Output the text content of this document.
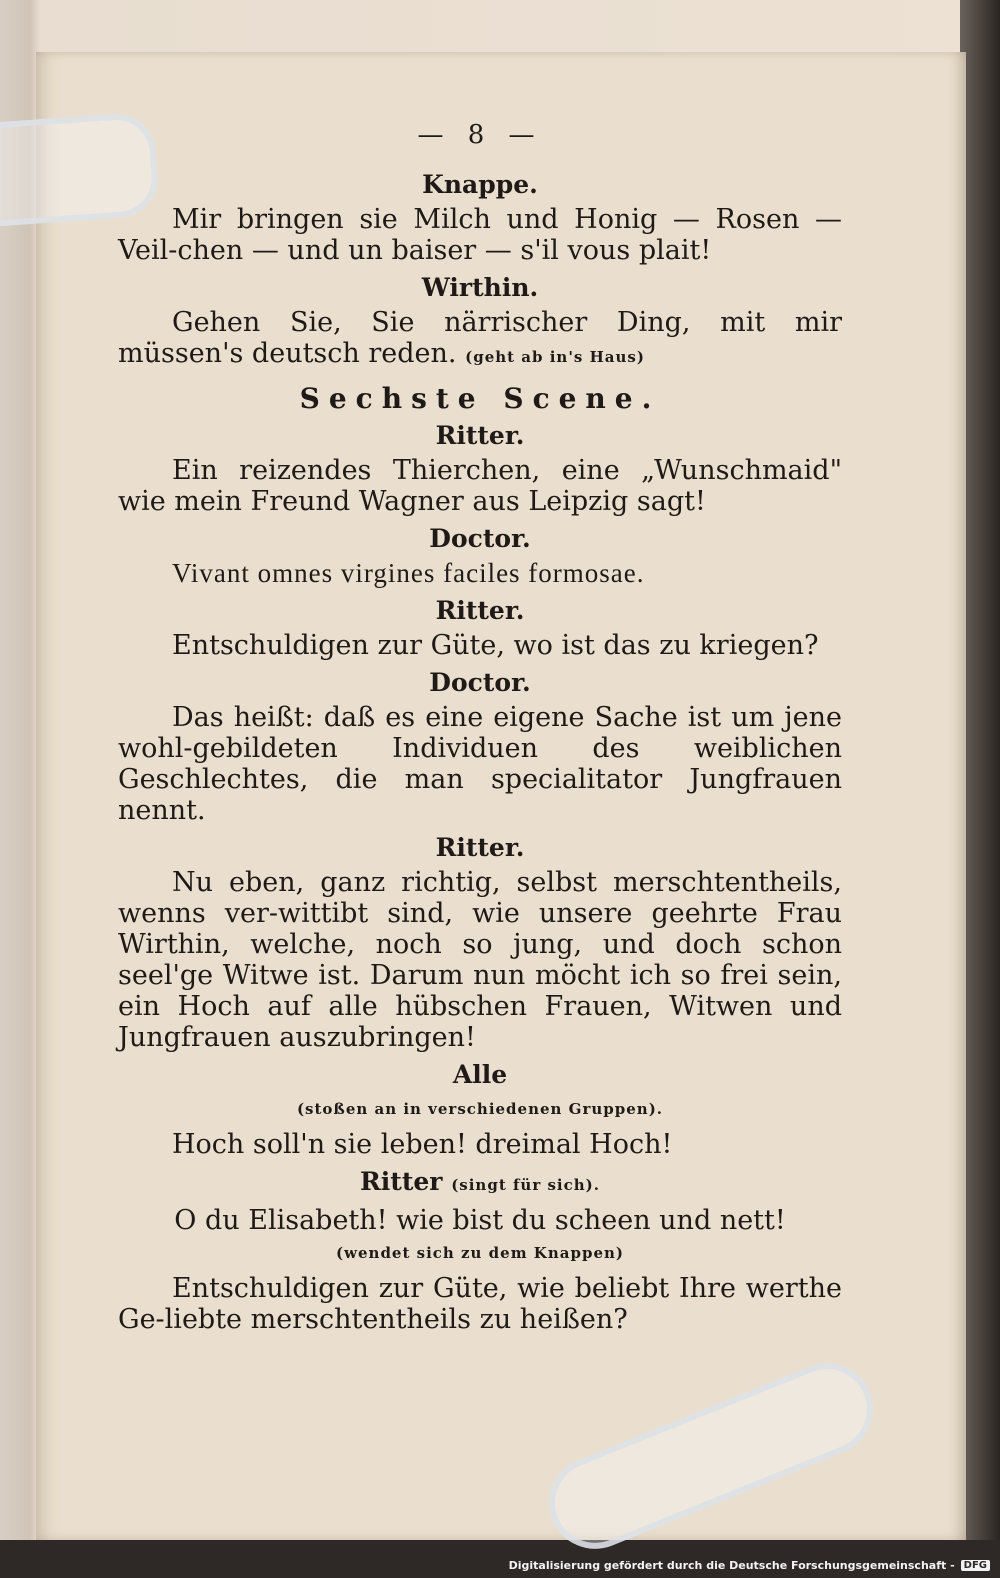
— 8 —
Knappe.

Mir bringen sie Milch und Honig — Rosen — Veil-chen — und un baiser — s'il vous plait!

Wirthin.

Gehen Sie, Sie närrischer Ding, mit mir müssen's deutsch reden. (geht ab in's Haus)

Sechste Scene.
Ritter.

Ein reizendes Thierchen, eine „Wunschmaid" wie mein Freund Wagner aus Leipzig sagt!

Doctor.

Vivant omnes virgines faciles formosae.

Ritter.

Entschuldigen zur Güte, wo ist das zu kriegen?

Doctor.

Das heißt: daß es eine eigene Sache ist um jene wohl-gebildeten Individuen des weiblichen Geschlechtes, die man specialitator Jungfrauen nennt.

Ritter.

Nu eben, ganz richtig, selbst merschtentheils, wenns ver-wittibt sind, wie unsere geehrte Frau Wirthin, welche, noch so jung, und doch schon seel'ge Witwe ist. Darum nun möcht ich so frei sein, ein Hoch auf alle hübschen Frauen, Witwen und Jungfrauen auszubringen!

Alle
(stoßen an in verschiedenen Gruppen).

Hoch soll'n sie leben! dreimal Hoch!

Ritter (singt für sich).

O du Elisabeth! wie bist du scheen und nett!

(wendet sich zu dem Knappen)

Entschuldigen zur Güte, wie beliebt Ihre werthe Ge-liebte merschtentheils zu heißen?

Digitalisierung gefördert durch die Deutsche Forschungsgemeinschaft - DFG
